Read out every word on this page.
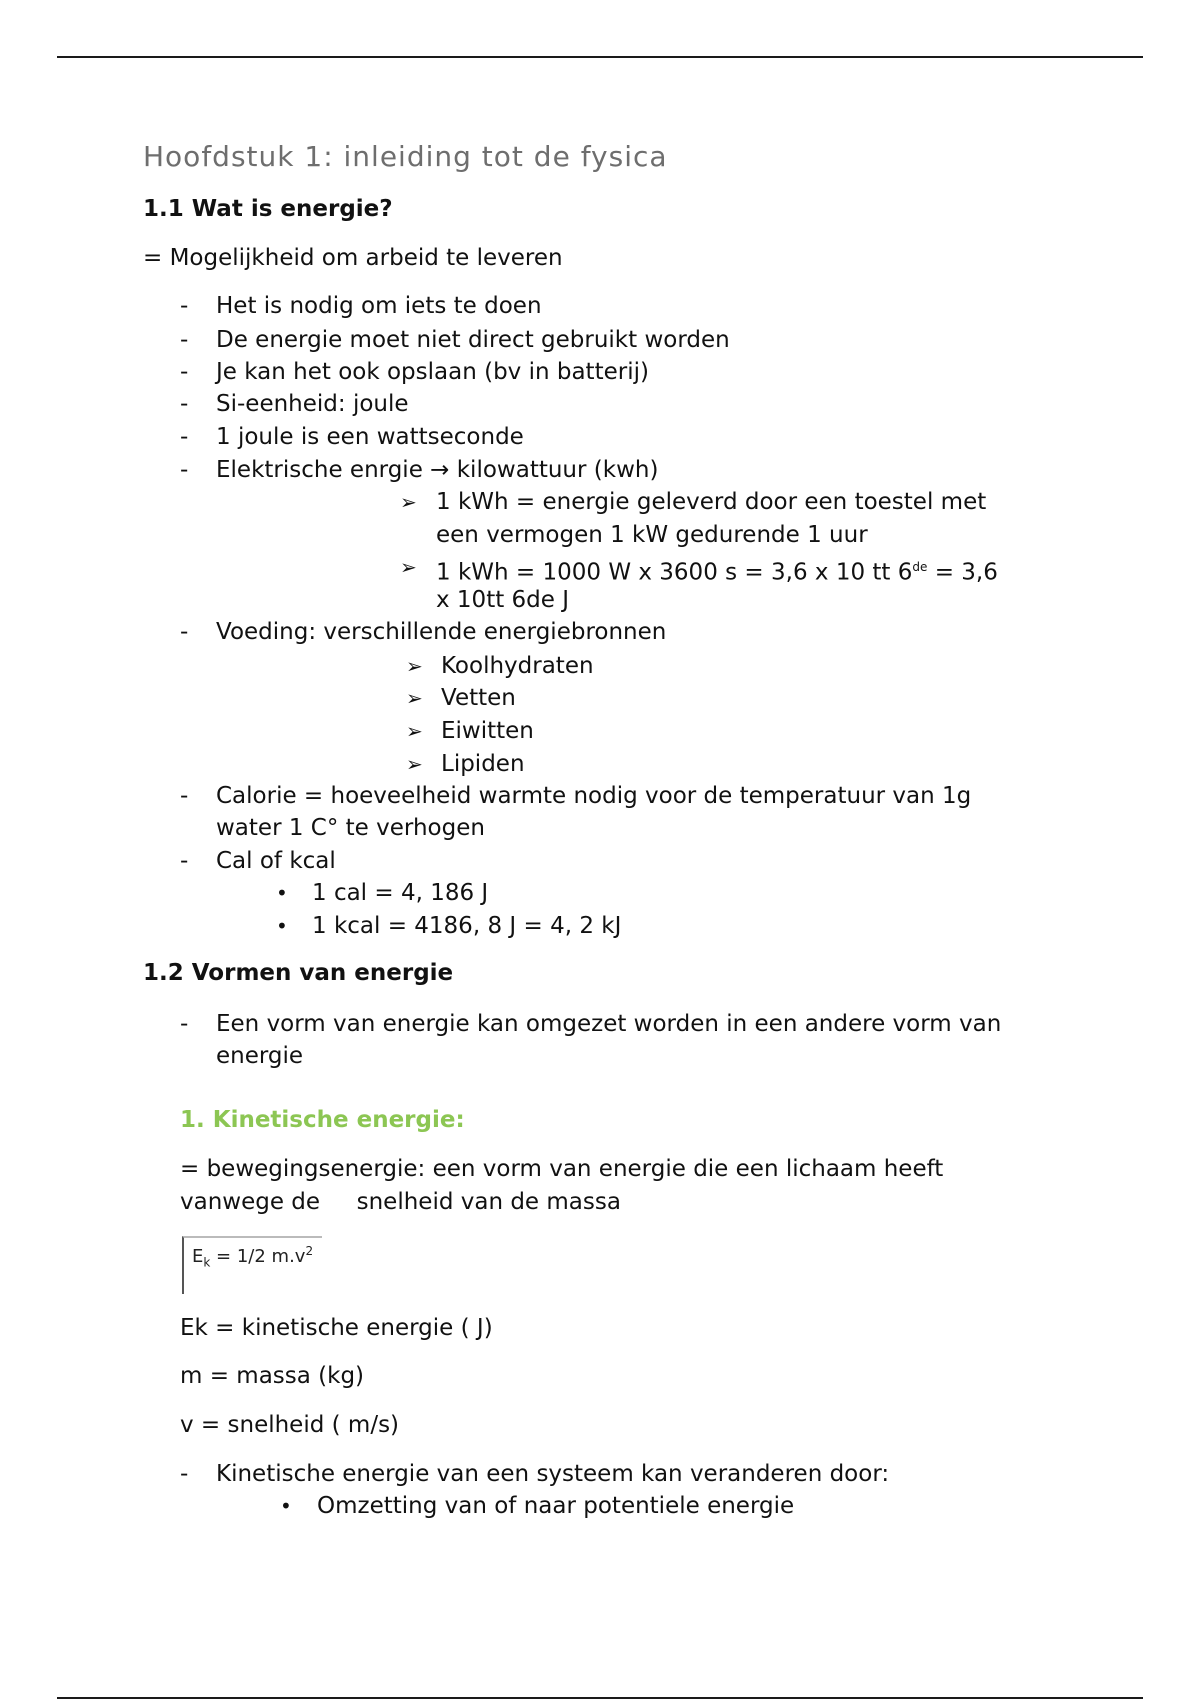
Hoofdstuk 1: inleiding tot de fysica
1.1 Wat is energie?
= Mogelijkheid om arbeid te leveren
-	Het is nodig om iets te doen
-	De energie moet niet direct gebruikt worden
-	Je kan het ook opslaan (bv in batterij)
-	Si-eenheid: joule
-	1 joule is een wattseconde
-	Elektrische enrgie → kilowattuur (kwh)
➢ 1 kWh = energie geleverd door een toestel met
een vermogen 1 kW gedurende 1 uur
➢ 1 kWh = 1000 W x 3600 s = 3,6 x 10 tt 6de = 3,6
x 10tt 6de J
-	Voeding: verschillende energiebronnen
➢ Koolhydraten
➢ Vetten
➢ Eiwitten
➢ Lipiden
-	Calorie = hoeveelheid warmte nodig voor de temperatuur van 1g
water 1 C° te verhogen
-	Cal of kcal
• 1 cal = 4, 186 J
• 1 kcal = 4186, 8 J = 4, 2 kJ
1.2 Vormen van energie
-	Een vorm van energie kan omgezet worden in een andere vorm van
energie
1. Kinetische energie:
= bewegingsenergie: een vorm van energie die een lichaam heeft
vanwege de     snelheid van de massa
$E_k = 1/2$ $m.v^2$
Ek = kinetische energie ( J)
m = massa (kg)
v = snelheid ( m/s)
-	Kinetische energie van een systeem kan veranderen door:
• Omzetting van of naar potentiele energie
